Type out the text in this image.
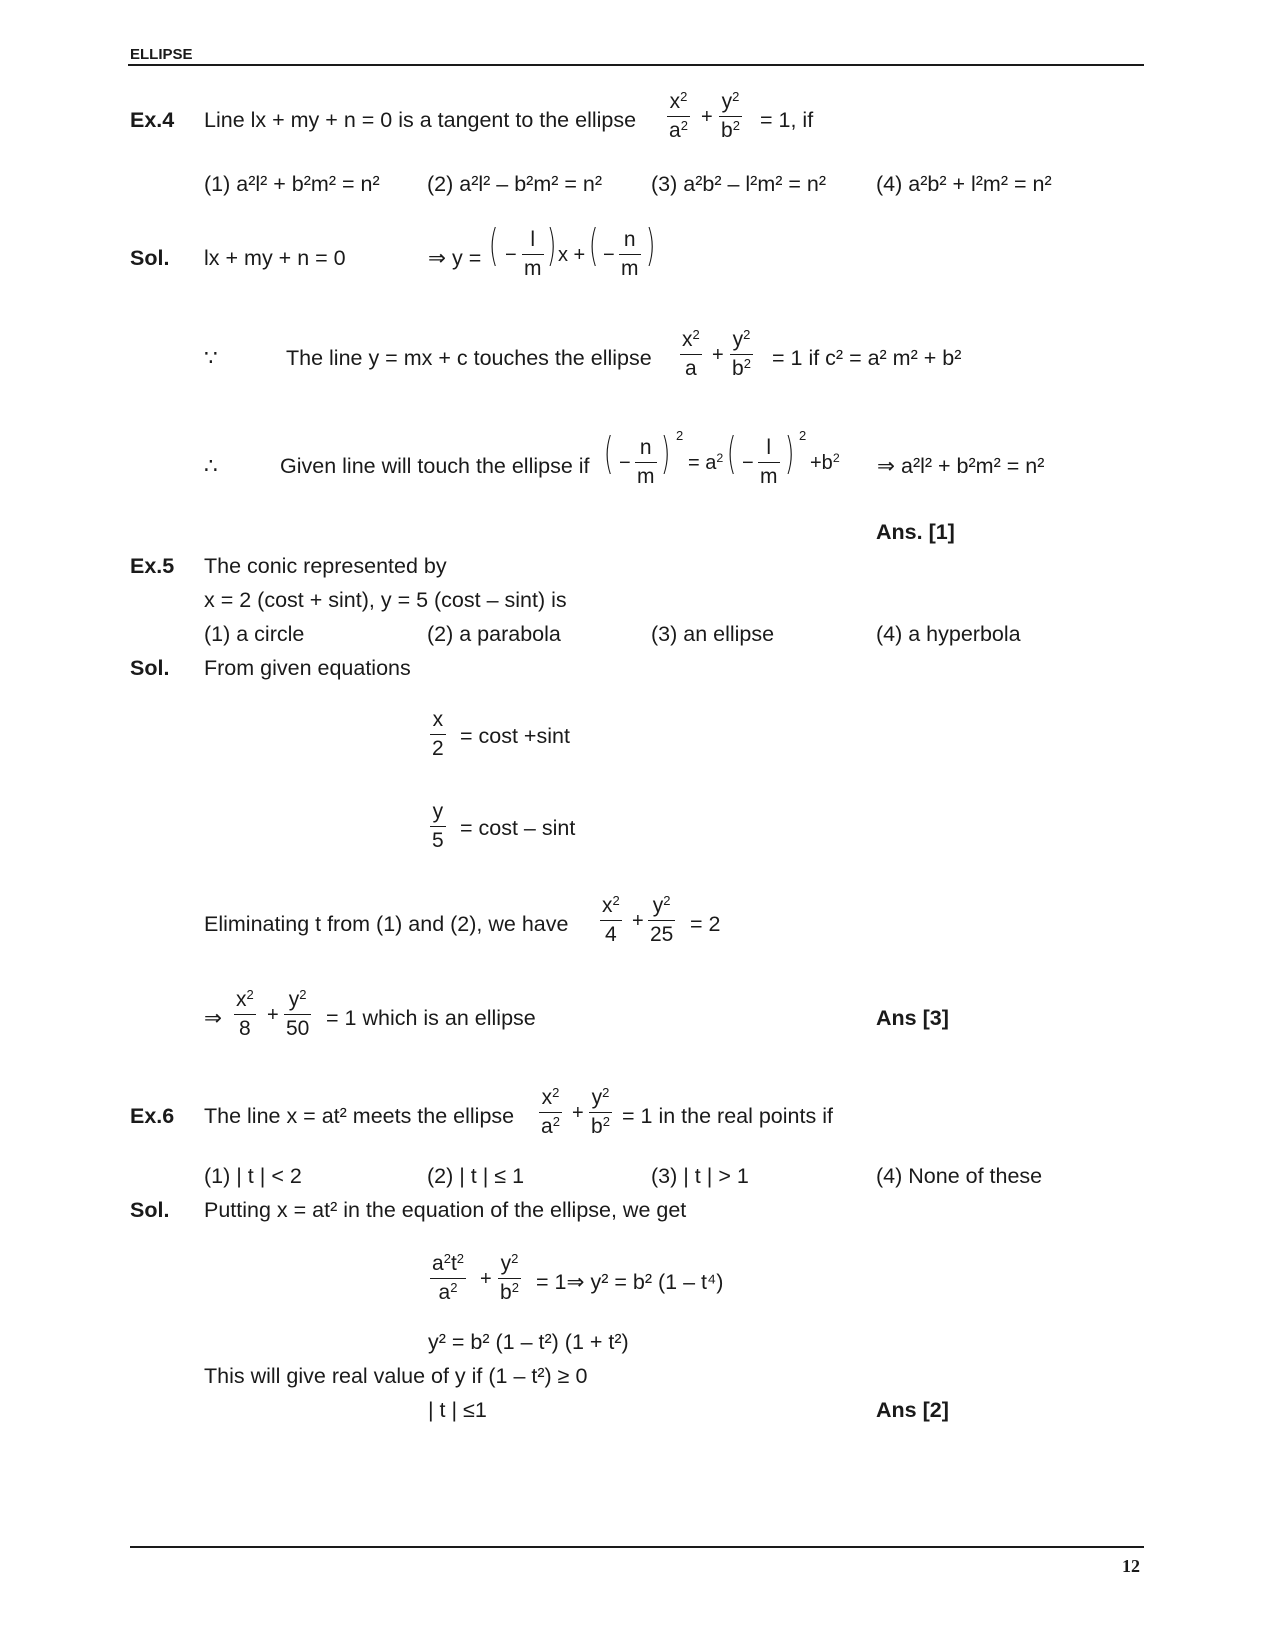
ELLIPSE
Ex.4 Line lx + my + n = 0 is a tangent to the ellipse $\frac{x^2}{a^2} + \frac{y^2}{b^2} = 1$, if
(1) a²l² + b²m² = n² (2) a²l² – b²m² = n² (3) a²b² – l²m² = n² (4) a²b² + l²m² = n²
Sol. lx + my + n = 0	⇒ y = ( − $\frac{l}{m}$ ) x + ( − $\frac{n}{m}$ )
∵	The line y = mx + c touches the ellipse $\frac{x^2}{a} + \frac{y^2}{b^2} = 1$ if c² = a² m² + b²
∴	Given line will touch the ellipse if ( − $\frac{n}{m}$ ) 2
= $a^2$ ( − $\frac{l}{m}$ ) 2
$+b^2$ ⇒ a²l² + b²m² = n²
Ans. [1]
Ex.5 The conic represented by
x = 2 (cost + sint), y = 5 (cost – sint) is
(1) a circle	(2) a parabola	(3) an ellipse	(4) a hyperbola
Sol. From given equations
$\frac{x}{2} = \cos t +\sin t$
$\frac{y}{5} = \cos t - \sin t$
Eliminating t from (1) and (2), we have $\frac{x^2}{4} + \frac{y^2}{25} = 2$
⇒ $\frac{x^2}{8} + \frac{y^2}{50} = 1$ which is an ellipse	Ans [3]
Ex.6 The line x = at² meets the ellipse $\frac{x^2}{a^2} + \frac{y^2}{b^2} = 1$ in the real points if
(1) | t | < 2	(2) | t | ≤ 1	(3) | t | > 1	(4) None of these
Sol. Putting x = at² in the equation of the ellipse, we get
$\frac{a^2t^2}{a^2} + \frac{y^2}{b^2}$ = 1⇒ y² = b² (1 – t⁴)
y² = b² (1 – t²) (1 + t²)
This will give real value of y if (1 – t²) ≥ 0
| t | ≤1	Ans [2]
12
